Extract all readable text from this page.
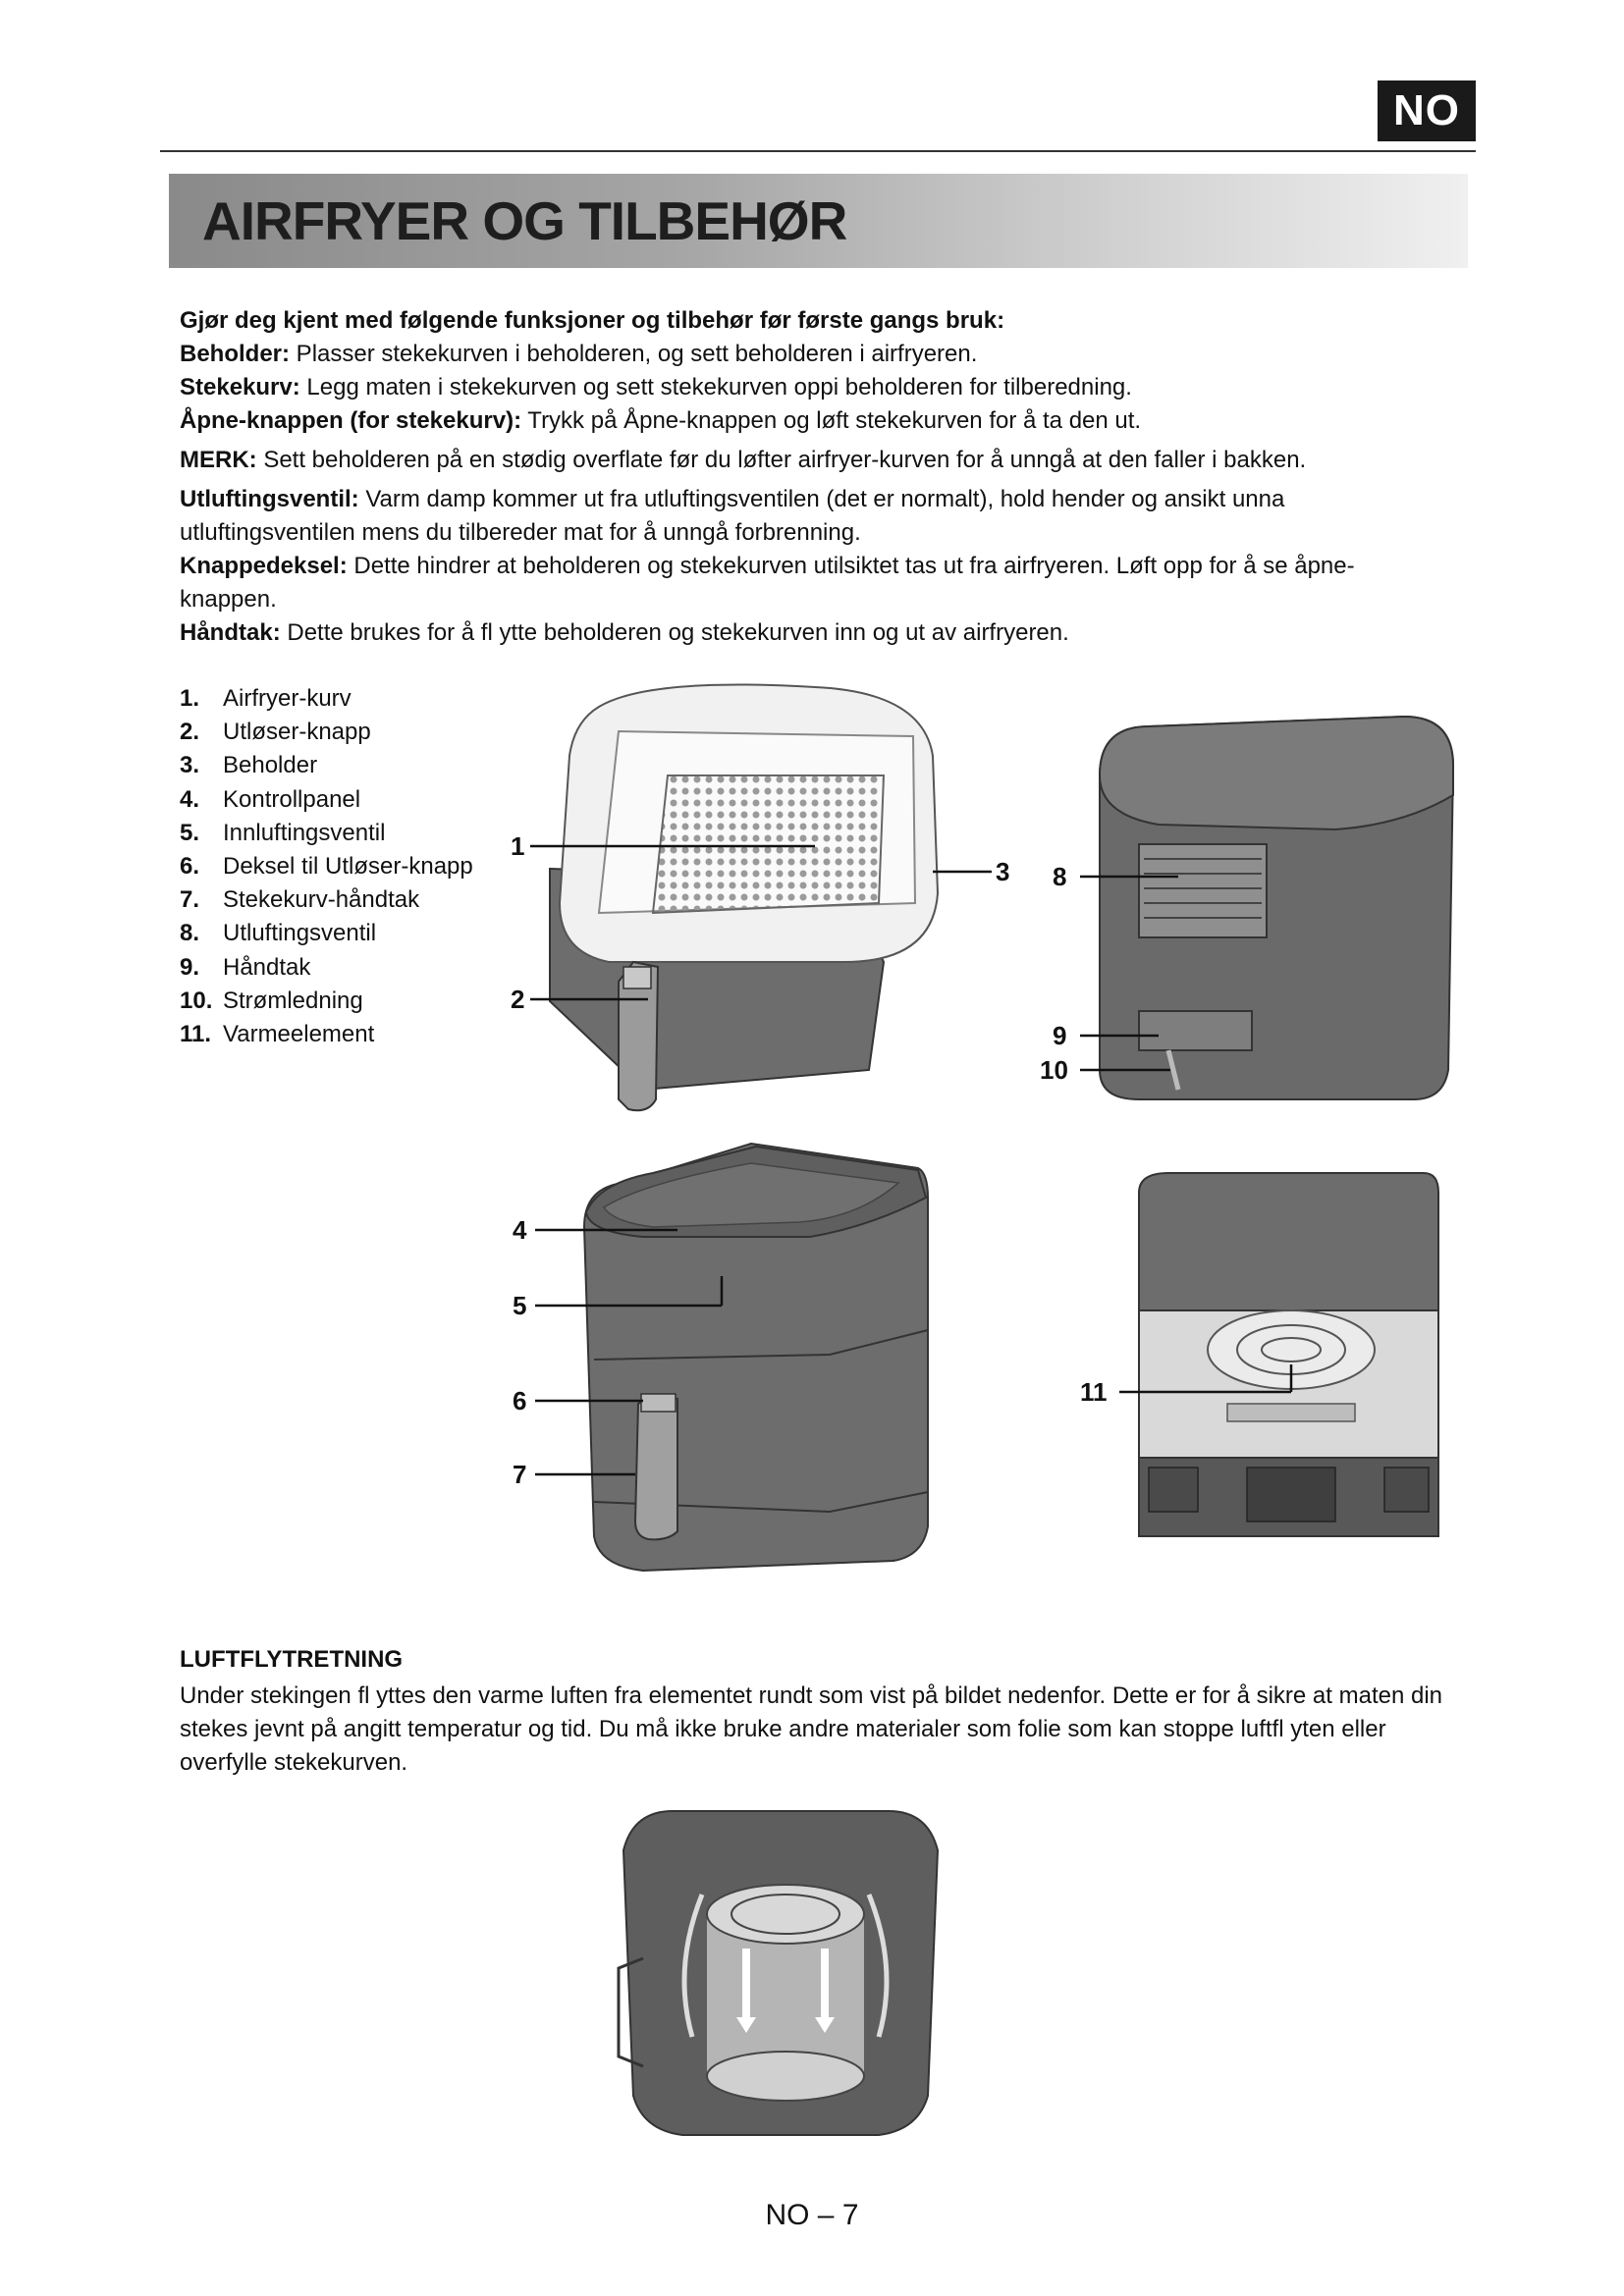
NO
AIRFRYER OG TILBEHØR

Gjør deg kjent med følgende funksjoner og tilbehør før første gangs bruk:

Beholder: Plasser stekekurven i beholderen, og sett beholderen i airfryeren.

Stekekurv: Legg maten i stekekurven og sett stekekurven oppi beholderen for tilberedning.

Åpne-knappen (for stekekurv): Trykk på Åpne-knappen og løft stekekurven for å ta den ut.

MERK: Sett beholderen på en stødig overflate før du løfter airfryer-kurven for å unngå at den faller i bakken.

Utluftingsventil: Varm damp kommer ut fra utluftingsventilen (det er normalt), hold hender og ansikt unna utluftingsventilen mens du tilbereder mat for å unngå forbrenning.

Knappedeksel: Dette hindrer at beholderen og stekekurven utilsiktet tas ut fra airfryeren. Løft opp for å se åpne-knappen.

Håndtak: Dette brukes for å fl ytte beholderen og stekekurven inn og ut av airfryeren.

1. Airfryer-kurv
2. Utløser-knapp
3. Beholder
4. Kontrollpanel
5. Innluftingsventil
6. Deksel til Utløser-knapp
7. Stekekurv-håndtak
8. Utluftingsventil
9. Håndtak
10. Strømledning
11. Varmeelement
1
2
3 8
9
10
4
5
6
7
11
LUFTFLYTRETNING

Under stekingen fl yttes den varme luften fra elementet rundt som vist på bildet nedenfor. Dette er for å sikre at maten din stekes jevnt på angitt temperatur og tid. Du må ikke bruke andre materialer som folie som kan stoppe luftfl yten eller overfylle stekekurven.

NO – 7
